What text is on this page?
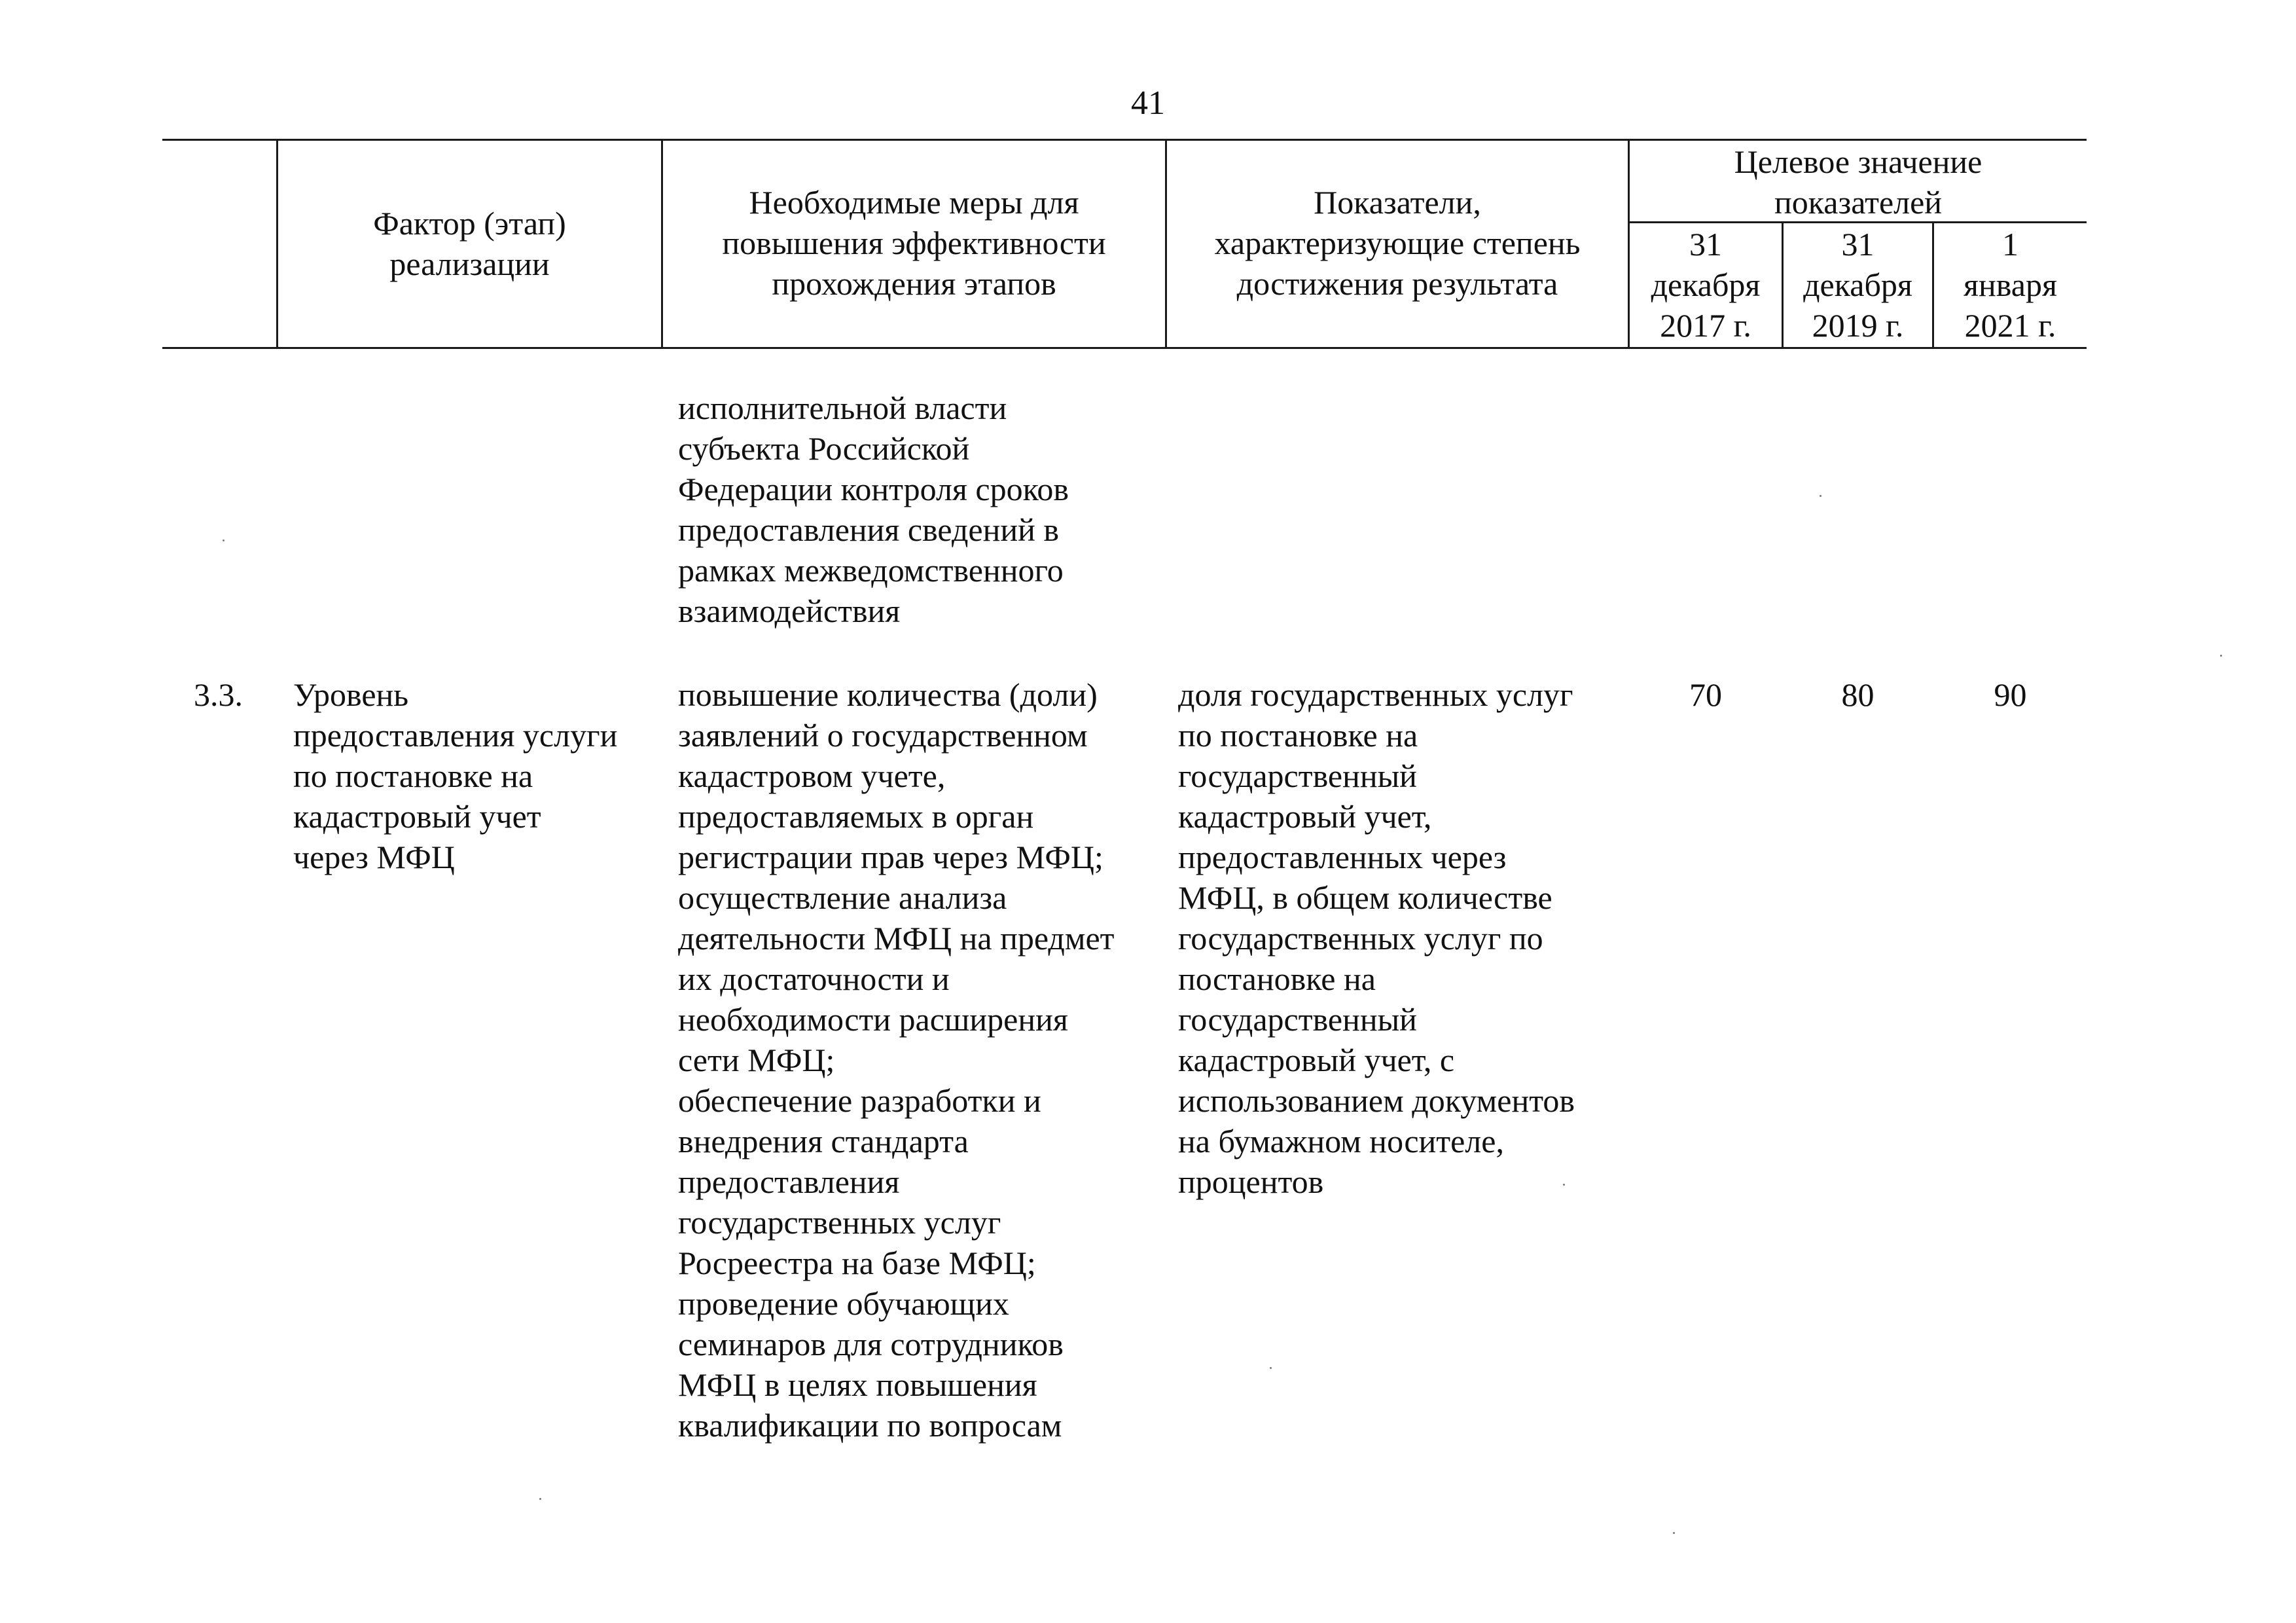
41
Фактор (этап)
реализации
Необходимые меры для
повышения эффективности
прохождения этапов
Показатели,
характеризующие степень
достижения результата
Целевое значение
показателей
31
декабря
2017 г.
31
декабря
2019 г.
1
января
2021 г.
исполнительной власти
субъекта Российской
Федерации контроля сроков
предоставления сведений в
рамках межведомственного
взаимодействия
3.3. Уровень
предоставления услуги
по постановке на
кадастровый учет
через МФЦ
повышение количества (доли)
заявлений о государственном
кадастровом учете,
предоставляемых в орган
регистрации прав через МФЦ;
осуществление анализа
деятельности МФЦ на предмет
их достаточности и
необходимости расширения
сети МФЦ;
обеспечение разработки и
внедрения стандарта
предоставления
государственных услуг
Росреестра на базе МФЦ;
проведение обучающих
семинаров для сотрудников
МФЦ в целях повышения
квалификации по вопросам
доля государственных услуг
по постановке на
государственный
кадастровый учет,
предоставленных через
МФЦ, в общем количестве
государственных услуг по
постановке на
государственный
кадастровый учет, с
использованием документов
на бумажном носителе,
процентов
70	80	90
